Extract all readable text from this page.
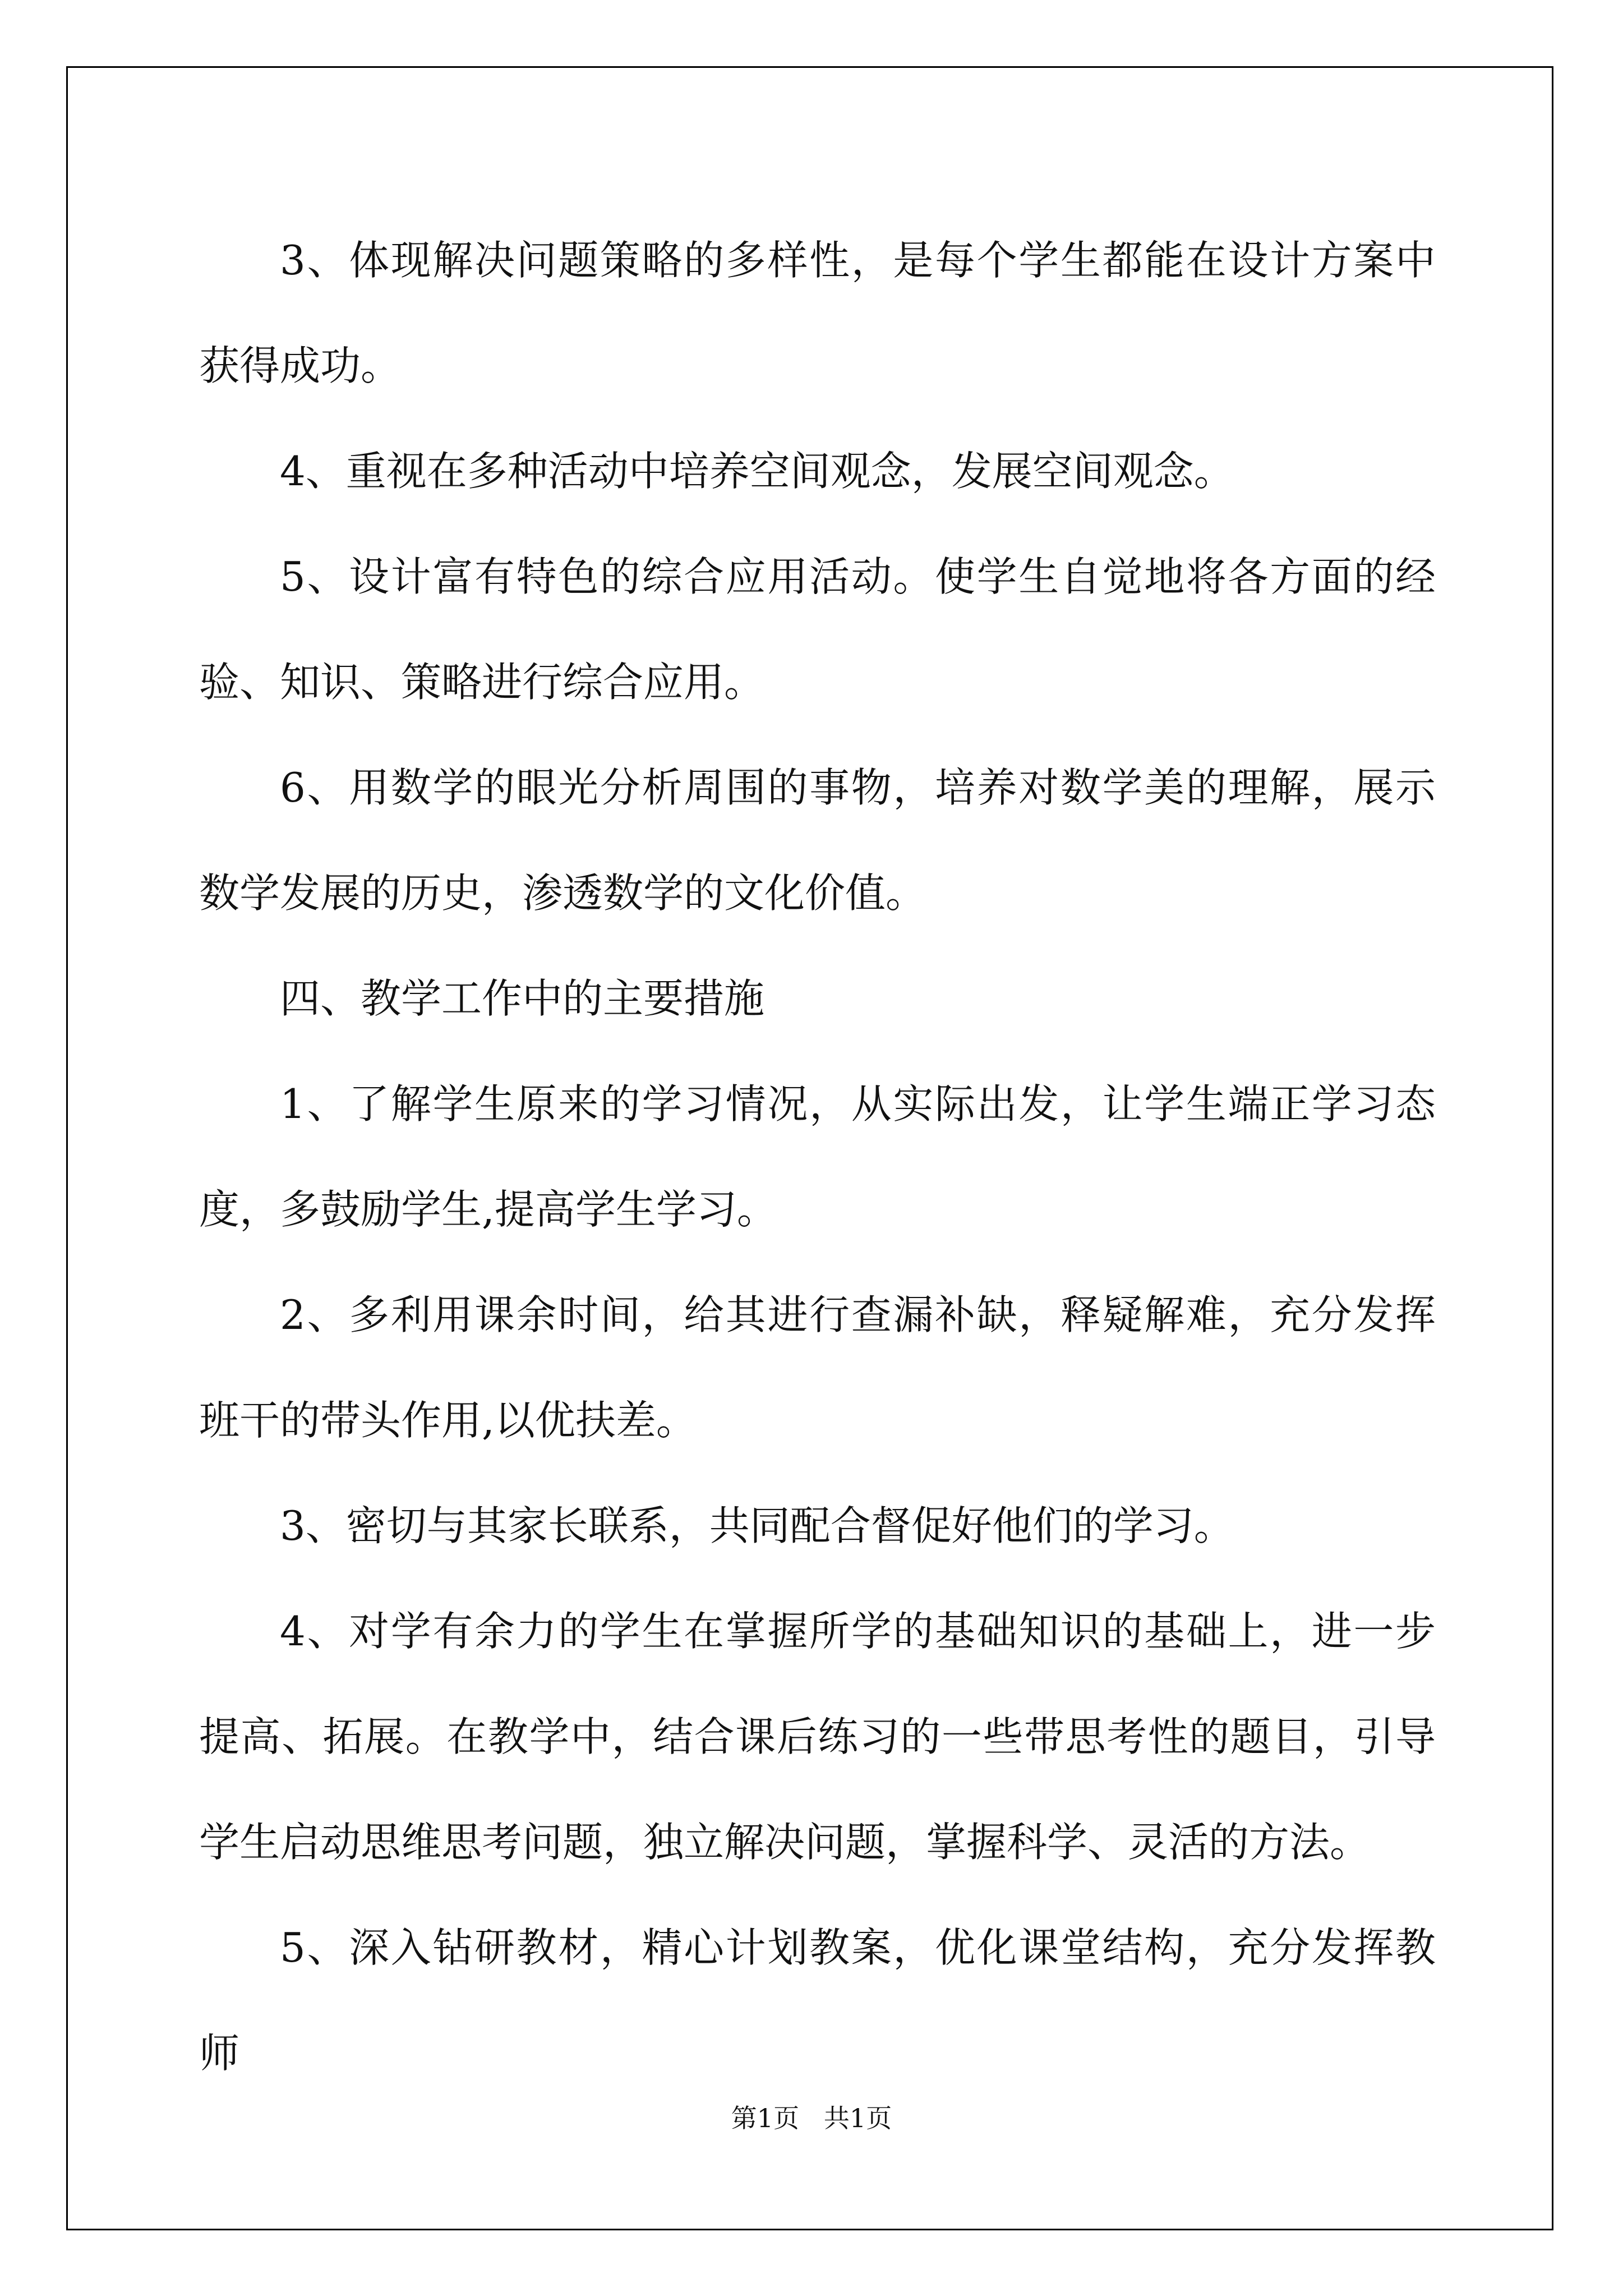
3、体现解决问题策略的多样性，是每个学生都能在设计方案中获得成功。

4、重视在多种活动中培养空间观念，发展空间观念。

5、设计富有特色的综合应用活动。使学生自觉地将各方面的经验、知识、策略进行综合应用。

6、用数学的眼光分析周围的事物，培养对数学美的理解，展示数学发展的历史，渗透数学的文化价值。

四、教学工作中的主要措施

1、了解学生原来的学习情况，从实际出发，让学生端正学习态度，多鼓励学生,提高学生学习。

2、多利用课余时间，给其进行查漏补缺，释疑解难，充分发挥班干的带头作用,以优扶差。

3、密切与其家长联系，共同配合督促好他们的学习。

4、对学有余力的学生在掌握所学的基础知识的基础上，进一步提高、拓展。在教学中，结合课后练习的一些带思考性的题目，引导学生启动思维思考问题，独立解决问题，掌握科学、灵活的方法。

5、深入钻研教材，精心计划教案，优化课堂结构，充分发挥教师

第1页   共1页
